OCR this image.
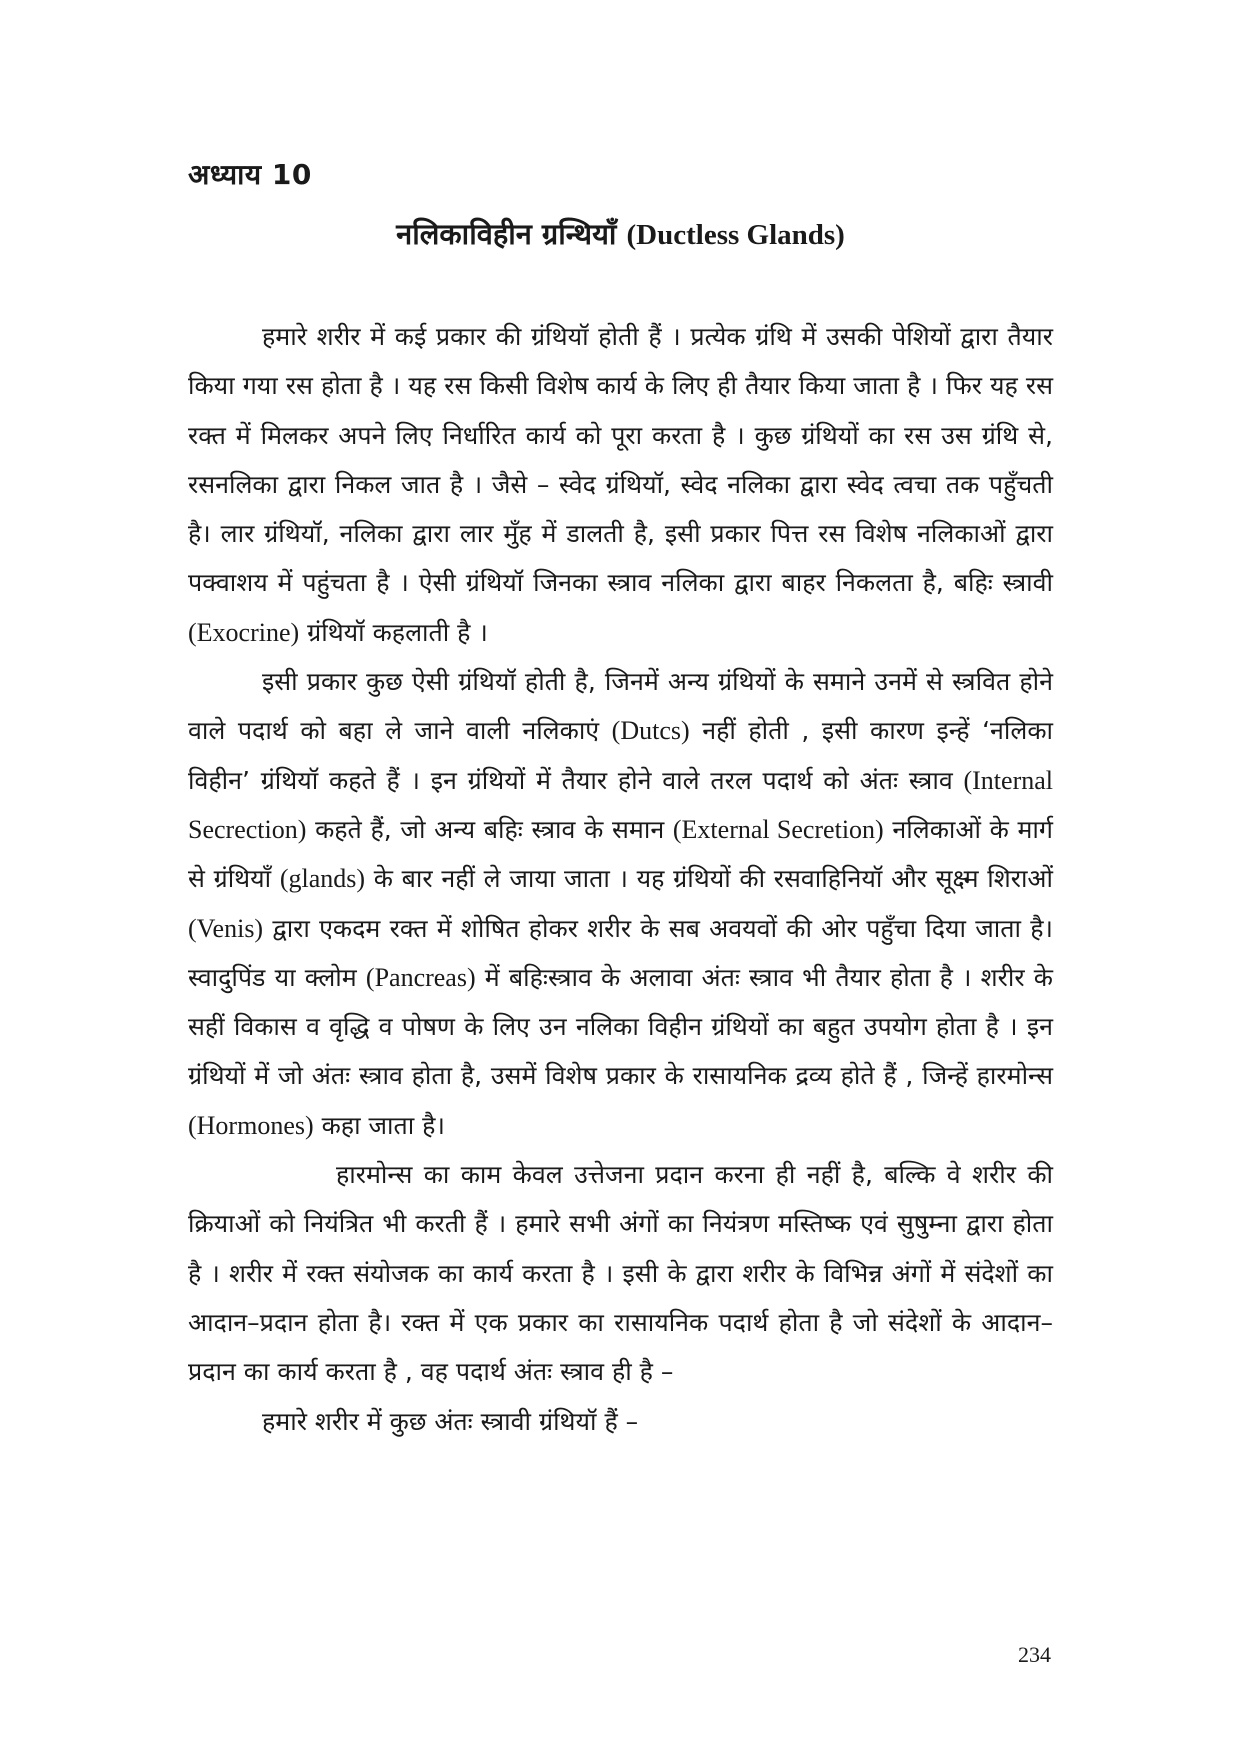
अध्याय 10
नलिकाविहीन ग्रन्थियॉं (Ductless Glands)

हमारे शरीर में कई प्रकार की ग्रंथियॉ होती हैं । प्रत्येक ग्रंथि में उसकी पेशियों द्वारा तैयार किया गया रस होता है । यह रस किसी विशेष कार्य के लिए ही तैयार किया जाता है । फिर यह रस रक्त में मिलकर अपने लिए निर्धारित कार्य को पूरा करता है । कुछ ग्रंथियों का रस उस ग्रंथि से, रसनलिका द्वारा निकल जात है । जैसे – स्वेद ग्रंथियॉ, स्वेद नलिका द्वारा स्वेद त्वचा तक पहुॅंचती है। लार ग्रंथियॉ, नलिका द्वारा लार मुॅंह में डालती है, इसी प्रकार पित्त रस विशेष नलिकाओं द्वारा पक्वाशय में पहुंचता है । ऐसी ग्रंथियॉ जिनका स्त्राव नलिका द्वारा बाहर निकलता है, बहिः स्त्रावी (Exocrine) ग्रंथियॉ कहलाती है ।

इसी प्रकार कुछ ऐसी ग्रंथियॉ होती है, जिनमें अन्य ग्रंथियों के समाने उनमें से स्त्रवित होने वाले पदार्थ को बहा ले जाने वाली नलिकाएं (Dutcs) नहीं होती , इसी कारण इन्हें ‘नलिका विहीन’ ग्रंथियॉ कहते हैं । इन ग्रंथियों में तैयार होने वाले तरल पदार्थ को अंतः स्त्राव (Internal Secrection) कहते हैं, जो अन्य बहिः स्त्राव के समान (External Secretion) नलिकाओं के मार्ग से ग्रंथियॉं (glands) के बार नहीं ले जाया जाता । यह ग्रंथियों की रसवाहिनियॉ और सूक्ष्म शिराओं (Venis) द्वारा एकदम रक्त में शोषित होकर शरीर के सब अवयवों की ओर पहुॅंचा दिया जाता है। स्वादुपिंड या क्लोम (Pancreas) में बहिःस्त्राव के अलावा अंतः स्त्राव भी तैयार होता है । शरीर के सहीं विकास व वृद्धि व पोषण के लिए उन नलिका विहीन ग्रंथियों का बहुत उपयोग होता है । इन ग्रंथियों में जो अंतः स्त्राव होता है, उसमें विशेष प्रकार के रासायनिक द्रव्य होते हैं , जिन्हें हारमोन्स (Hormones) कहा जाता है।

हारमोन्स का काम केवल उत्तेजना प्रदान करना ही नहीं है, बल्कि वे शरीर की क्रियाओं को नियंत्रित भी करती हैं । हमारे सभी अंगों का नियंत्रण मस्तिष्क एवं सुषुम्ना द्वारा होता है । शरीर में रक्त संयोजक का कार्य करता है । इसी के द्वारा शरीर के विभिन्न अंगों में संदेशों का आदान–प्रदान होता है। रक्त में एक प्रकार का रासायनिक पदार्थ होता है जो संदेशों के आदान–प्रदान का कार्य करता है , वह पदार्थ अंतः स्त्राव ही है –

हमारे शरीर में कुछ अंतः स्त्रावी ग्रंथियॉ हैं –

234
